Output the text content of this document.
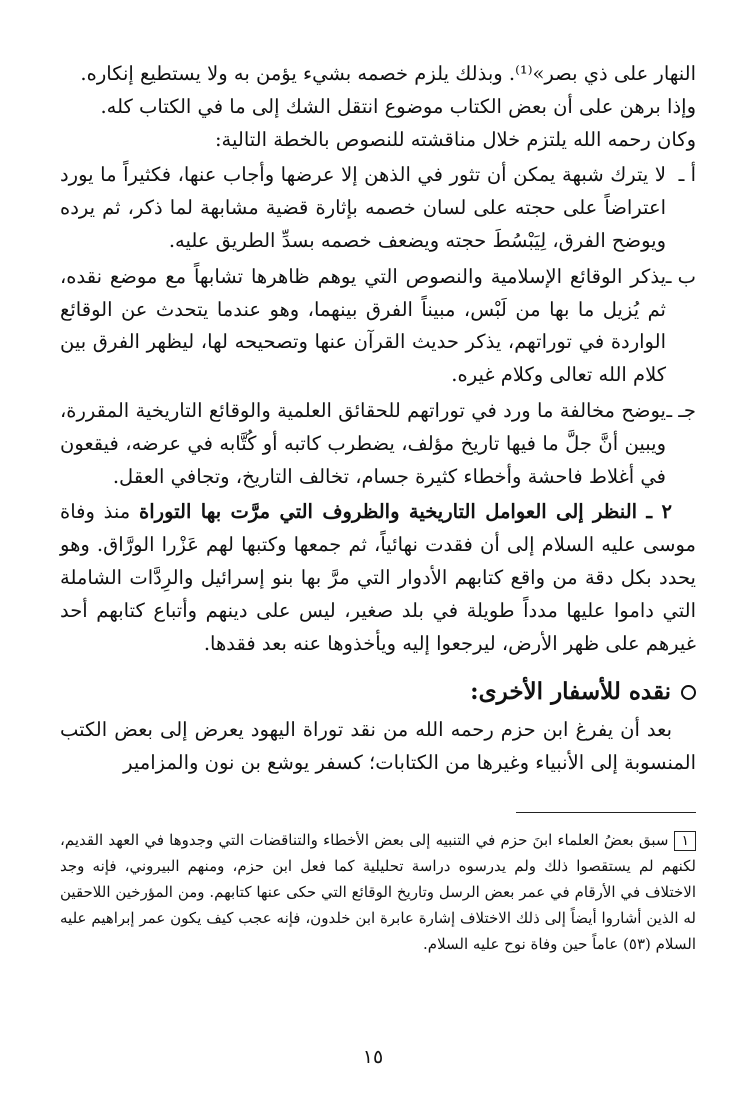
النهار على ذي بصر»⁽¹⁾. وبذلك يلزم خصمه بشيء يؤمن به ولا يستطيع إنكاره.

وإذا برهن على أن بعض الكتاب موضوع انتقل الشك إلى ما في الكتاب كله.

وكان رحمه الله يلتزم خلال مناقشته للنصوص بالخطة التالية:

أ ـ
لا يترك شبهة يمكن أن تثور في الذهن إلا عرضها وأجاب عنها، فكثيراً ما يورد اعتراضاً على حجته على لسان خصمه بإثارة قضية مشابهة لما ذكر، ثم يرده ويوضح الفرق، لِيَبْسُطَ حجته ويضعف خصمه بسدِّ الطريق عليه.
ب ـ
يذكر الوقائع الإسلامية والنصوص التي يوهم ظاهرها تشابهاً مع موضع نقده، ثم يُزيل ما بها من لَبْس، مبيناً الفرق بينهما، وهو عندما يتحدث عن الوقائع الواردة في توراتهم، يذكر حديث القرآن عنها وتصحيحه لها، ليظهر الفرق بين كلام الله تعالى وكلام غيره.
جـ ـ
يوضح مخالفة ما ورد في توراتهم للحقائق العلمية والوقائع التاريخية المقررة، ويبين أنَّ جلَّ ما فيها تاريخ مؤلف، يضطرب كاتبه أو كُتَّابه في عرضه، فيقعون في أغلاط فاحشة وأخطاء كثيرة جسام، تخالف التاريخ، وتجافي العقل.

٢ ـ النظر إلى العوامل التاريخية والظروف التي مرَّت بها التوراة منذ وفاة موسى عليه السلام إلى أن فقدت نهائياً، ثم جمعها وكتبها لهم عَزْرا الورَّاق. وهو يحدد بكل دقة من واقع كتابهم الأدوار التي مرَّ بها بنو إسرائيل والرِدَّات الشاملة التي داموا عليها مدداً طويلة في بلد صغير، ليس على دينهم وأتباع كتابهم أحد غيرهم على ظهر الأرض، ليرجعوا إليه ويأخذوها عنه بعد فقدها.

نقده للأسفار الأخرى:

بعد أن يفرغ ابن حزم رحمه الله من نقد توراة اليهود يعرض إلى بعض الكتب المنسوبة إلى الأنبياء وغيرها من الكتابات؛ كسفر يوشع بن نون والمزامير

١سبق بعضُ العلماء ابنَ حزم في التنبيه إلى بعض الأخطاء والتناقضات التي وجدوها في العهد القديم، لكنهم لم يستقصوا ذلك ولم يدرسوه دراسة تحليلية كما فعل ابن حزم، ومنهم البيروني، فإنه وجد الاختلاف في الأرقام في عمر بعض الرسل وتاريخ الوقائع التي حكى عنها كتابهم. ومن المؤرخين اللاحقين له الذين أشاروا أيضاً إلى ذلك الاختلاف إشارة عابرة ابن خلدون، فإنه عجب كيف يكون عمر إبراهيم عليه السلام (٥٣) عاماً حين وفاة نوح عليه السلام.

١٥
